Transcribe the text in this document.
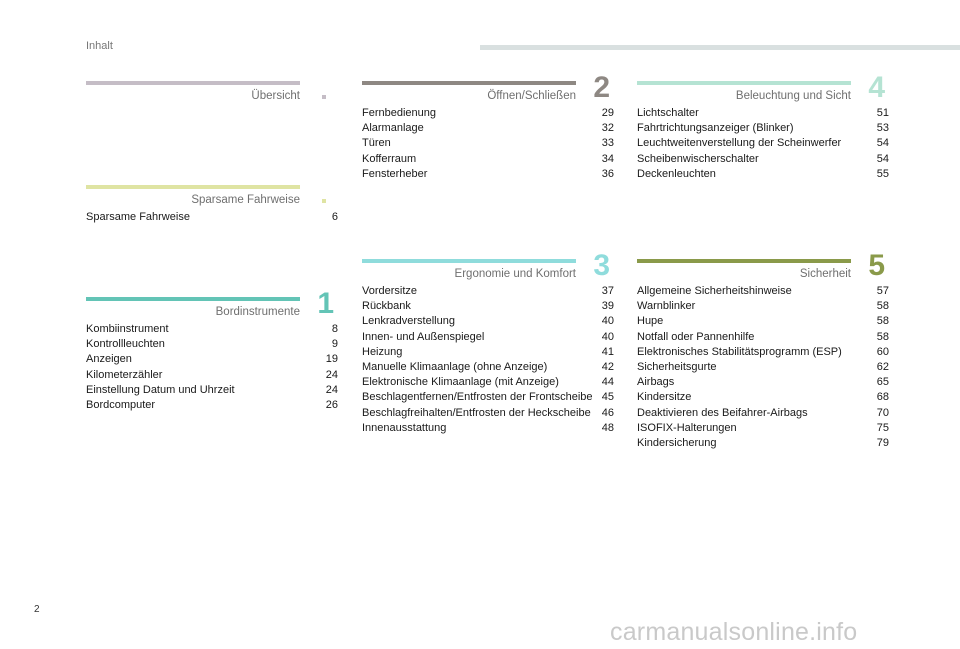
Inhalt
Übersicht
Sparsame Fahrweise
Sparsame Fahrweise	6
Bordinstrumente 1
Kombiinstrument	8
Kontrollleuchten	9
Anzeigen	19
Kilometerzähler	24
Einstellung Datum und Uhrzeit	24
Bordcomputer	26
Öffnen/Schließen 2
Fernbedienung	29
Alarmanlage	32
Türen	33
Kofferraum	34
Fensterheber	36
Ergonomie und Komfort 3
Vordersitze	37
Rückbank	39
Lenkradverstellung	40
Innen- und Außenspiegel	40
Heizung	41
Manuelle Klimaanlage (ohne Anzeige)	42
Elektronische Klimaanlage (mit Anzeige)	44
Beschlagentfernen/Entfrosten der Frontscheibe 45
Beschlagfreihalten/Entfrosten der Heckscheibe	46
Innenausstattung	48
Beleuchtung und Sicht 4
Lichtschalter	51
Fahrtrichtungsanzeiger (Blinker)	53
Leuchtweitenverstellung der Scheinwerfer	54
Scheibenwischerschalter	54
Deckenleuchten	55
Sicherheit 5
Allgemeine Sicherheitshinweise	57
Warnblinker	58
Hupe	58
Notfall oder Pannenhilfe	58
Elektronisches Stabilitätsprogramm (ESP)	60
Sicherheitsgurte	62
Airbags	65
Kindersitze	68
Deaktivieren des Beifahrer-Airbags	70
ISOFIX-Halterungen	75
Kindersicherung	79
2
carmanualsonline.info
